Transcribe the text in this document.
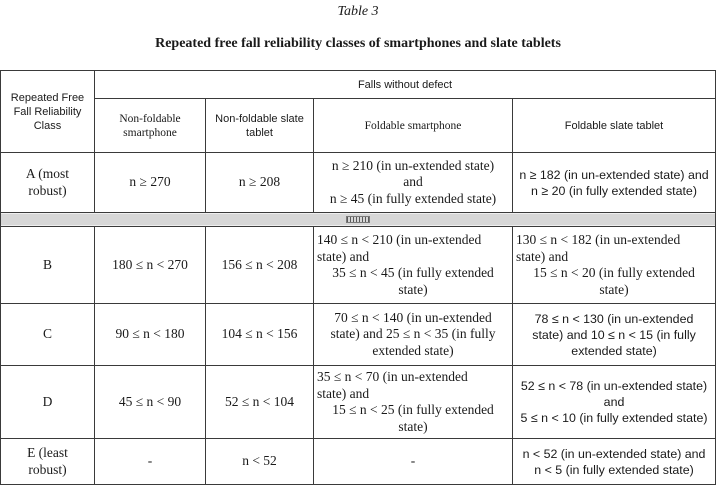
Table 3
Repeated free fall reliability classes of smartphones and slate tablets
Repeated Free
Fall Reliability
Class	Falls without defect			

	Non-foldable
smartphone	Non-foldable slate
tablet	Foldable smartphone	Foldable slate tablet

A (most
robust)	n ≥ 270	n ≥ 208	n ≥ 210 (in un-extended state)
and
n ≥ 45 (in fully extended state)	n ≥ 182 (in un-extended state) and
n ≥ 20 (in fully extended state)

B	180 ≤ n < 270	156 ≤ n < 208	140 ≤ n < 210 (in un-extended
state) and
35 ≤ n < 45 (in fully extended
state)	130 ≤ n < 182 (in un-extended
state) and
15 ≤ n < 20 (in fully extended
state)

C	90 ≤ n < 180	104 ≤ n < 156	70 ≤ n < 140 (in un-extended
state) and 25 ≤ n < 35 (in fully
extended state)	78 ≤ n < 130 (in un-extended
state) and 10 ≤ n < 15 (in fully
extended state)

D	45 ≤ n < 90	52 ≤ n < 104	35 ≤ n < 70 (in un-extended
state) and
15 ≤ n < 25 (in fully extended
state)	52 ≤ n < 78 (in un-extended state)
and
5 ≤ n < 10 (in fully extended state)

E (least
robust)	-	n < 52	-	n < 52 (in un-extended state) and
n < 5 (in fully extended state)
